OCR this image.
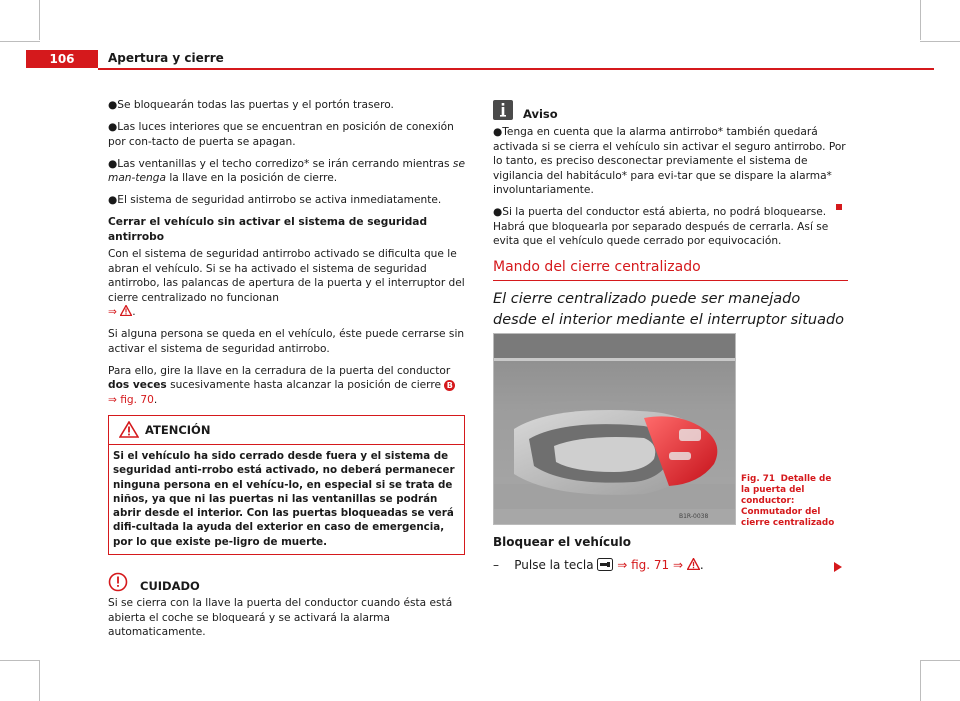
106	Apertura y cierre

●Se bloquearán todas las puertas y el portón trasero.

●Las luces interiores que se encuentran en posición de conexión por con-tacto de puerta se apagan.

●Las ventanillas y el techo corredizo* se irán cerrando mientras se man-tenga la llave en la posición de cierre.

●El sistema de seguridad antirrobo se activa inmediatamente.

Cerrar el vehículo sin activar el sistema de seguridad antirrobo

Con el sistema de seguridad antirrobo activado se dificulta que le abran el vehículo. Si se ha activado el sistema de seguridad antirrobo, las palancas de apertura de la puerta y el interruptor del cierre centralizado no funcionan
⇒ .

Si alguna persona se queda en el vehículo, éste puede cerrarse sin activar el sistema de seguridad antirrobo.

Para ello, gire la llave en la cerradura de la puerta del conductor dos veces sucesivamente hasta alcanzar la posición de cierre B ⇒ fig. 70.

ATENCIÓN
Si el vehículo ha sido cerrado desde fuera y el sistema de seguridad anti-rrobo está activado, no deberá permanecer ninguna persona en el vehícu-lo, en especial si se trata de niños, ya que ni las puertas ni las ventanillas se podrán abrir desde el interior. Con las puertas bloqueadas se verá difi-cultada la ayuda del exterior en caso de emergencia, por lo que existe pe-ligro de muerte.
CUIDADO

Si se cierra con la llave la puerta del conductor cuando ésta está abierta el coche se bloqueará y se activará la alarma automaticamente.

Aviso

●Tenga en cuenta que la alarma antirrobo* también quedará activada si se cierra el vehículo sin activar el seguro antirrobo. Por lo tanto, es preciso desconectar previamente el sistema de vigilancia del habitáculo* para evi-tar que se dispare la alarma* involuntariamente.

●Si la puerta del conductor está abierta, no podrá bloquearse. Habrá que bloquearla por separado después de cerrarla. Así se evita que el vehículo quede cerrado por equivocación.

Mando del cierre centralizado
El cierre centralizado puede ser manejado desde el interior mediante el interruptor situado
B1R-0038
Fig. 71 Detalle de la puerta del conductor: Conmutador del cierre centralizado
Bloquear el vehículo
– Pulse la tecla ⇒ fig. 71 ⇒ .
